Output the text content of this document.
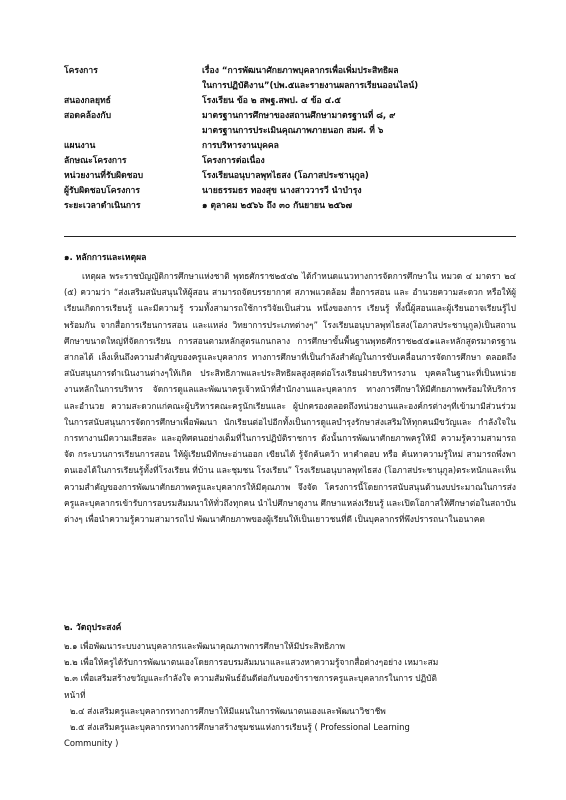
โครงการ	เรื่อง “การพัฒนาศักยภาพบุคลากรเพื่อเพิ่มประสิทธิผล
ในการปฏิบัติงาน”(ปพ.๕และรายงานผลการเรียนออนไลน์)
สนองกลยุทธ์	โรงเรียน ข้อ ๒ สพฐ.สพป. ๔ ข้อ ๔.๕
สอดคล้องกับ	มาตรฐานการศึกษาของสถานศึกษามาตรฐานที่ ๘, ๙
มาตรฐานการประเมินคุณภาพภายนอก สมศ. ที่ ๖
แผนงาน	การบริหารงานบุคคล
ลักษณะโครงการ	โครงการต่อเนื่อง
หน่วยงานที่รับผิดชอบ	โรงเรียนอนุบาลพุทไธสง (โอภาสประชานุกูล)
ผู้รับผิดชอบโครงการ	นายธรรมธร ทองสุข นางสาววารวี นำบำรุง
ระยะเวลาดำเนินการ	๑ ตุลาคม ๒๕๖๖ ถึง ๓๐ กันยายน ๒๕๖๗
๑. หลักการและเหตุผล

เหตุผล พระราชบัญญัติการศึกษาแห่งชาติ พุทธศักราช๒๕๔๒ ได้กำหนดแนวทางการจัดการศึกษาใน หมวด ๔ มาตรา ๒๔ (๕) ความว่า “ส่งเสริมสนับสนุนให้ผู้สอน สามารถจัดบรรยากาศ สภาพแวดล้อม สื่อการสอน และ อำนวยความสะดวก หรือให้ผู้เรียนเกิดการเรียนรู้ และมีความรู้ รวมทั้งสามารถใช้การวิจัยเป็นส่วน หนึ่งของการ เรียนรู้ ทั้งนี้ผู้สอนและผู้เรียนอาจเรียนรู้ไปพร้อมกัน จากสื่อการเรียนการสอน และแหล่ง วิทยาการประเภทต่างๆ” โรงเรียนอนุบาลพุทไธสง(โอภาสประชานุกูล)เป็นสถานศึกษาขนาดใหญ่ที่จัดการเรียน การสอนตามหลักสูตรแกนกลาง การศึกษาขั้นพื้นฐานพุทธศักราช๒๕๕๑และหลักสูตรมาตรฐานสากลได้ เล็งเห็นถึงความสำคัญของครูและบุคลากร ทางการศึกษาที่เป็นกำลังสำคัญในการขับเคลื่อนการจัดการศึกษา ตลอดถึงสนับสนุนการดำเนินงานต่างๆให้เกิด ประสิทธิภาพและประสิทธิผลสูงสุดต่อโรงเรียนฝ่ายบริหารงาน บุคคลในฐานะที่เป็นหน่วยงานหลักในการบริหาร จัดการดูแลและพัฒนาครูเจ้าหน้าที่สำนักงานและบุคลากร ทางการศึกษาให้มีศักยภาพพร้อมให้บริการและอำนวย ความสะดวกแก่คณะผู้บริหารคณะครูนักเรียนและ ผู้ปกครองตลอดถึงหน่วยงานและองค์กรต่างๆที่เข้ามามีส่วนร่วม ในการสนับสนุนการจัดการศึกษาเพื่อพัฒนา นักเรียนต่อไปอีกทั้งเป็นการดูแลบำรุงรักษาส่งเสริมให้ทุกคนมีขวัญและ กำลังใจในการทางานมีความเสียสละ และอุทิศตนอย่างเต็มที่ในการปฏิบัติราชการ ดังนั้นการพัฒนาศักยภาพครูให้มี ความรู้ความสามารถจัด กระบวนการเรียนการสอน ให้ผู้เรียนมีทักษะอ่านออก เขียนได้ รู้จักค้นคว้า หาคำตอบ หรือ ค้นหาความรู้ใหม่ สามารถพึ่งพาตนเองได้ในการเรียนรู้ทั้งที่โรงเรียน ที่บ้าน และชุมชน โรงเรียน” โรงเรียนอนุบาลพุทไธสง (โอภาสประชานุกูล)ตระหนักและเห็นความสำคัญของการพัฒนาศักยภาพครูและบุคลากรให้มีคุณภาพ จึงจัด โครงการนี้โดยการสนับสนุนด้านงบประมาณในการส่งครูและบุคลากรเข้ารับการอบรมสัมมนาให้ทั่วถึงทุกคน นำไปศึกษาดูงาน ศึกษาแหล่งเรียนรู้ และเปิดโอกาสให้ศึกษาต่อในสถาบันต่างๆ เพื่อนำความรู้ความสามารถไป พัฒนาศักยภาพของผู้เรียนให้เป็นเยาวชนที่ดี เป็นบุคลากรที่พึงปรารถนาในอนาคต

๒. วัตถุประสงค์
๒.๑ เพื่อพัฒนาระบบงานบุคลากรและพัฒนาคุณภาพการศึกษาให้มีประสิทธิภาพ
๒.๒ เพื่อให้ครูได้รับการพัฒนาตนเองโดยการอบรมสัมมนาและแสวงหาความรู้จากสื่อต่างๆอย่าง เหมาะสม
๒.๓ เพื่อเสริมสร้างขวัญและกำลังใจ ความสัมพันธ์อันดีต่อกันของข้าราชการครูและบุคลากรในการ ปฏิบัติ
หน้าที่
๒.๔ ส่งเสริมครูและบุคลากรทางการศึกษาให้มีแผนในการพัฒนาตนเองและพัฒนาวิชาชีพ
๒.๕ ส่งเสริมครูและบุคลากรทางการศึกษาสร้างชุมชนแห่งการเรียนรู้ ( Professional Learning
Community )
